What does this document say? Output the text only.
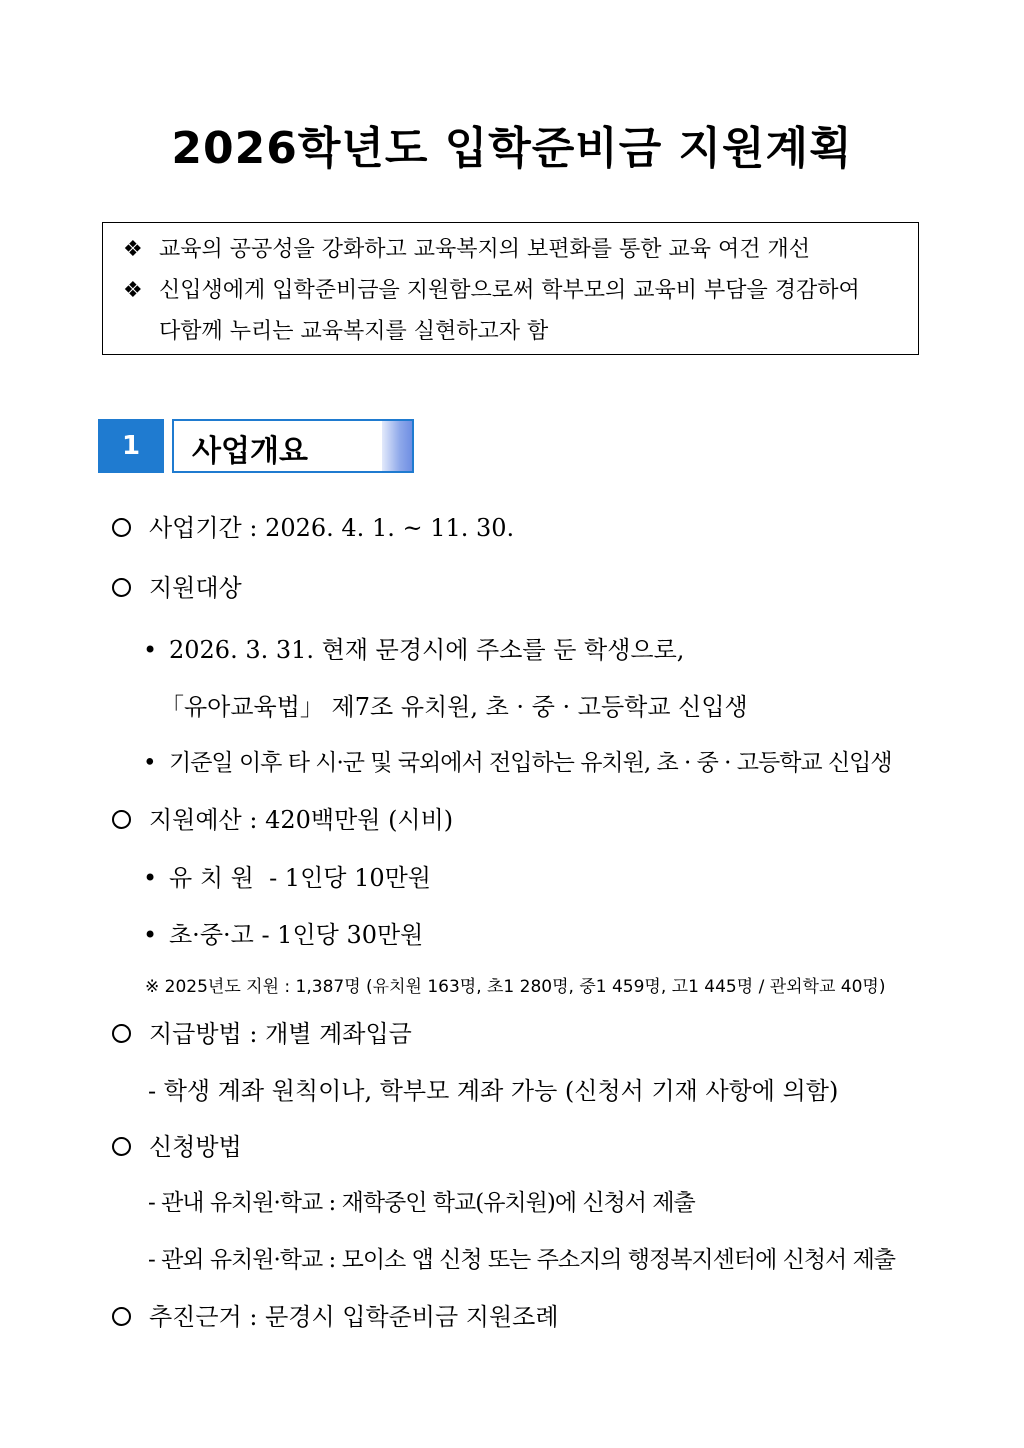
2026학년도 입학준비금 지원계획
❖ 교육의 공공성을 강화하고 교육복지의 보편화를 통한 교육 여건 개선
❖ 신입생에게 입학준비금을 지원함으로써 학부모의 교육비 부담을 경감하여
다함께 누리는 교육복지를 실현하고자 함
1	사업개요
사업기간 : 2026. 4. 1. ~ 11. 30.
지원대상
• 2026. 3. 31. 현재 문경시에 주소를 둔 학생으로,
「유아교육법」 제7조 유치원, 초 · 중 · 고등학교 신입생
• 기준일 이후 타 시·군 및 국외에서 전입하는 유치원, 초 · 중 · 고등학교 신입생
지원예산 : 420백만원 (시비)
• 유 치 원  - 1인당 10만원
• 초·중·고 - 1인당 30만원
※ 2025년도 지원 : 1,387명 (유치원 163명, 초1 280명, 중1 459명, 고1 445명 / 관외학교 40명)
지급방법 : 개별 계좌입금
- 학생 계좌 원칙이나, 학부모 계좌 가능 (신청서 기재 사항에 의함)
신청방법
- 관내 유치원·학교 : 재학중인 학교(유치원)에 신청서 제출
- 관외 유치원·학교 : 모이소 앱 신청 또는 주소지의 행정복지센터에 신청서 제출
추진근거 : 문경시 입학준비금 지원조례
